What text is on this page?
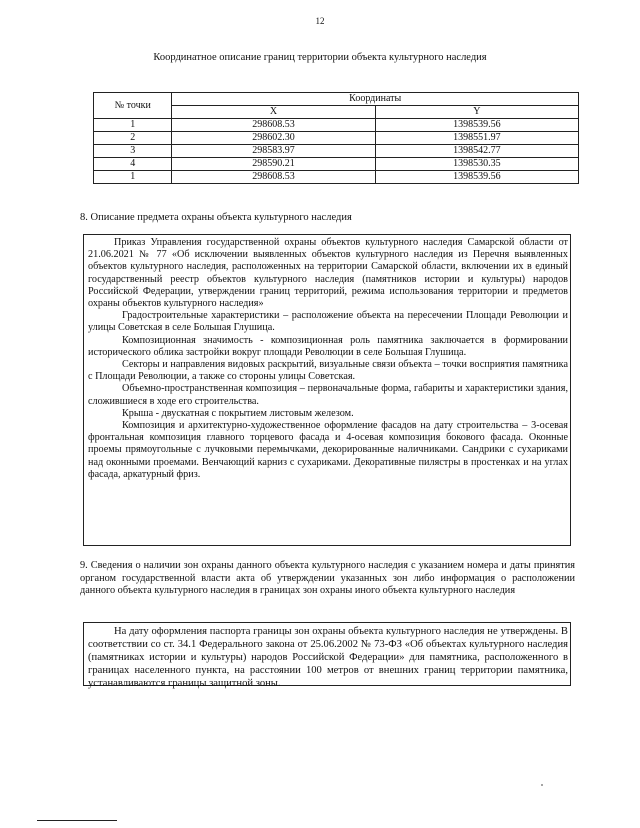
12
Координатное описание границ территории объекта культурного наследия
№ точки	Координаты	
	X	Y
1	298608.53	1398539.56
2	298602.30	1398551.97
3	298583.97	1398542.77
4	298590.21	1398530.35
1	298608.53	1398539.56
8. Описание предмета охраны объекта культурного наследия

Приказ Управления государственной охраны объектов культурного наследия Самарской области от 21.06.2021 № 77 «Об исключении выявленных объектов культурного наследия из Перечня выявленных объектов культурного наследия, расположенных на территории Самарской области, включении их в единый государственный реестр объектов культурного наследия (памятников истории и культуры) народов Российской Федерации, утверждении границ территорий, режима использования территории и предметов охраны объектов культурного наследия»

Градостроительные характеристики – расположение объекта на пересечении Площади Революции и улицы Советская в селе Большая Глушица.

Композиционная значимость - композиционная роль памятника заключается в формировании исторического облика застройки вокруг площади Революции в селе Большая Глушица.

Секторы и направления видовых раскрытий, визуальные связи объекта – точки восприятия памятника с Площади Революции, а также со стороны улицы Советская.

Объемно-пространственная композиция – первоначальные форма, габариты и характеристики здания, сложившиеся в ходе его строительства.

Крыша - двускатная с покрытием листовым железом.

Композиция и архитектурно-художественное оформление фасадов на дату строительства – 3-осевая фронтальная композиция главного торцевого фасада и 4-осевая композиция бокового фасада. Оконные проемы прямоугольные с лучковыми перемычками, декорированные наличниками. Сандрики с сухариками над оконными проемами. Венчающий карниз с сухариками. Декоративные пилястры в простенках и на углах фасада, аркатурный фриз.

9. Сведения о наличии зон охраны данного объекта культурного наследия с указанием номера и даты принятия органом государственной власти акта об утверждении указанных зон либо информация о расположении данного объекта культурного наследия в границах зон охраны иного объекта культурного наследия

На дату оформления паспорта границы зон охраны объекта культурного наследия не утверждены. В соответствии со ст. 34.1 Федерального закона от 25.06.2002 № 73-ФЗ «Об объектах культурного наследия (памятниках истории и культуры) народов Российской Федерации» для памятника, расположенного в границах населенного пункта, на расстоянии 100 метров от внешних границ территории памятника, устанавливаются границы защитной зоны.
